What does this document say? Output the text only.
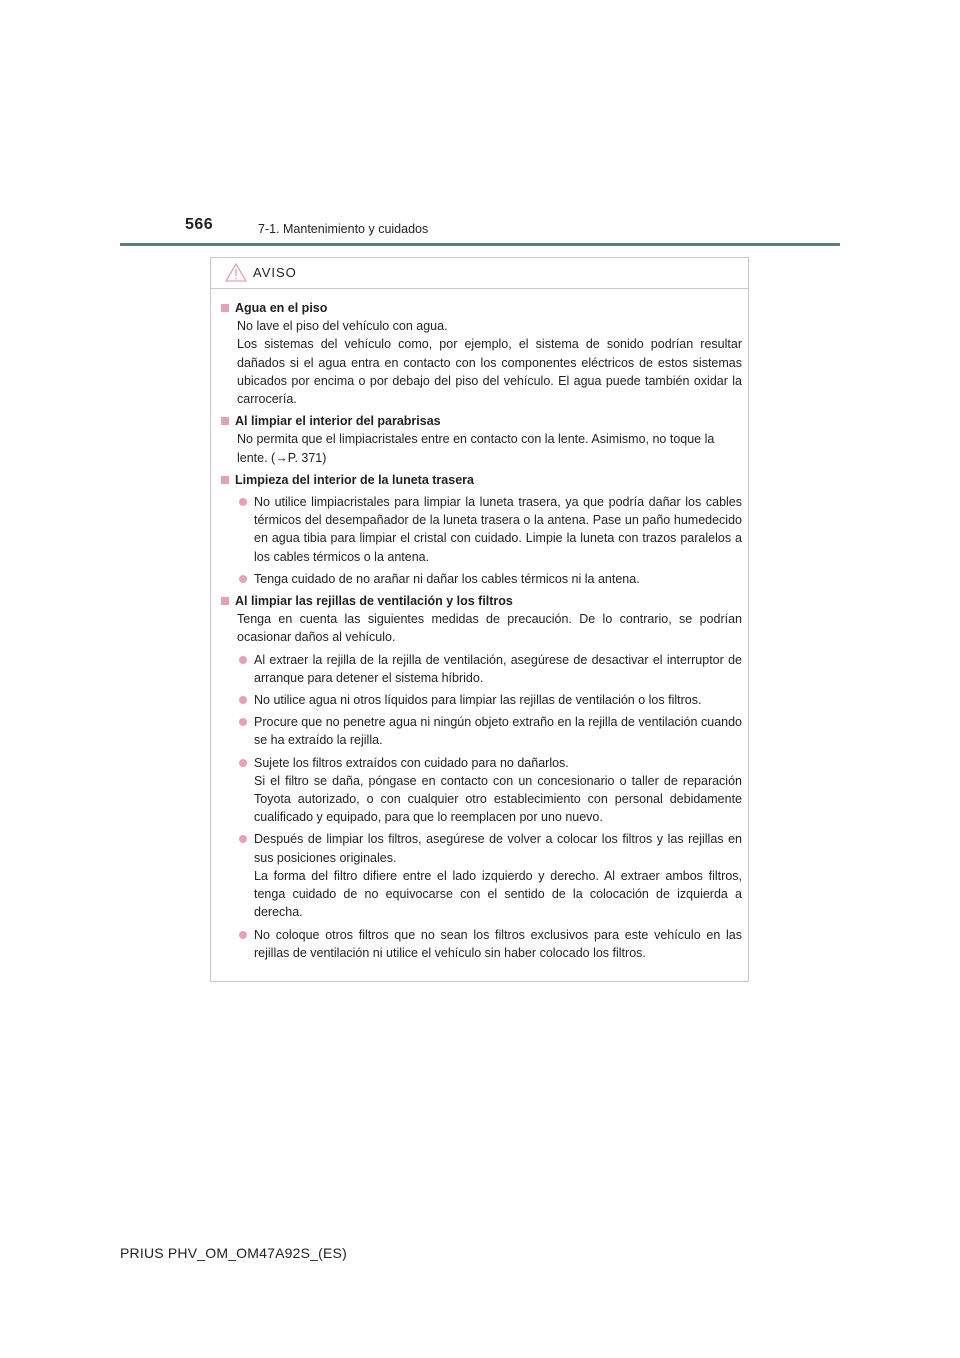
566	7-1. Mantenimiento y cuidados
AVISO
Agua en el piso
No lave el piso del vehículo con agua.
Los sistemas del vehículo como, por ejemplo, el sistema de sonido podrían resultar dañados si el agua entra en contacto con los componentes eléctricos de estos sistemas ubicados por encima o por debajo del piso del vehículo. El agua puede también oxidar la carrocería.
Al limpiar el interior del parabrisas
No permita que el limpiacristales entre en contacto con la lente. Asimismo, no toque la lente. (→P. 371)
Limpieza del interior de la luneta trasera

No utilice limpiacristales para limpiar la luneta trasera, ya que podría dañar los cables térmicos del desempañador de la luneta trasera o la antena. Pase un paño humedecido en agua tibia para limpiar el cristal con cuidado. Limpie la luneta con trazos paralelos a los cables térmicos o la antena.

Tenga cuidado de no arañar ni dañar los cables térmicos ni la antena.

Al limpiar las rejillas de ventilación y los filtros
Tenga en cuenta las siguientes medidas de precaución. De lo contrario, se podrían ocasionar daños al vehículo.

Al extraer la rejilla de la rejilla de ventilación, asegúrese de desactivar el interruptor de arranque para detener el sistema híbrido.

No utilice agua ni otros líquidos para limpiar las rejillas de ventilación o los filtros.

Procure que no penetre agua ni ningún objeto extraño en la rejilla de ventilación cuando se ha extraído la rejilla.

Sujete los filtros extraídos con cuidado para no dañarlos.

Si el filtro se daña, póngase en contacto con un concesionario o taller de reparación Toyota autorizado, o con cualquier otro establecimiento con personal debidamente cualificado y equipado, para que lo reemplacen por uno nuevo.

Después de limpiar los filtros, asegúrese de volver a colocar los filtros y las rejillas en sus posiciones originales.

La forma del filtro difiere entre el lado izquierdo y derecho. Al extraer ambos filtros, tenga cuidado de no equivocarse con el sentido de la colocación de izquierda a derecha.

No coloque otros filtros que no sean los filtros exclusivos para este vehículo en las rejillas de ventilación ni utilice el vehículo sin haber colocado los filtros.

PRIUS PHV_OM_OM47A92S_(ES)
